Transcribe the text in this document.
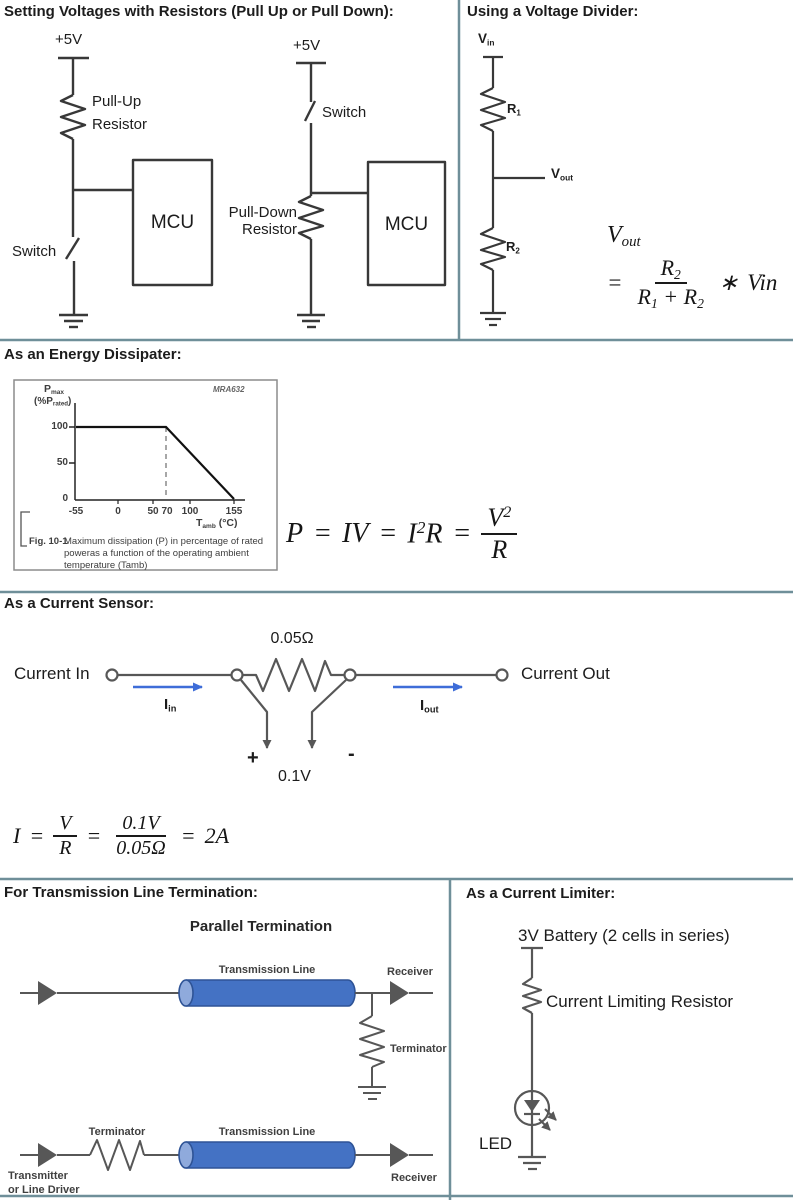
Setting Voltages with Resistors (Pull Up or Pull Down):
+5V
Pull-Up
Resistor
MCU
Switch
+5V
Switch
Pull-Down
Resistor	MCU
Using a Voltage Divider:
$V_{in}$
$R_1$
$V_{out}$
$R_2$
$V_{out}$
= $\frac{R_2}{R_1 + R_2}$ ∗ Vin
As an Energy Dissipater:
$P_{max}$
$(\%P_{rated})$
100
50
0
-55	0	50 70 100	155
$T_{amb}$ (°C)
MRA632
Fig. 10-1
Maximum dissipation (P) in percentage of rated
poweras a function of the operating ambient
temperature (Tamb)
P = IV = $I^2R = \frac{V^2}{R}$
As a Current Sensor:
Current In
0.05Ω
Current Out
$I_{in}$	$I_{out}$
+	-
0.1V
$I = \frac{V}{R} = \frac{0.1V}{0.05\Omega} = 2A$
For Transmission Line Termination:
Parallel Termination
Transmission Line	Receiver
Terminator
Terminator	Transmission Line
Transmitter
or Line Driver
Receiver
As a Current Limiter:
3V Battery (2 cells in series)
Current Limiting Resistor
LED
